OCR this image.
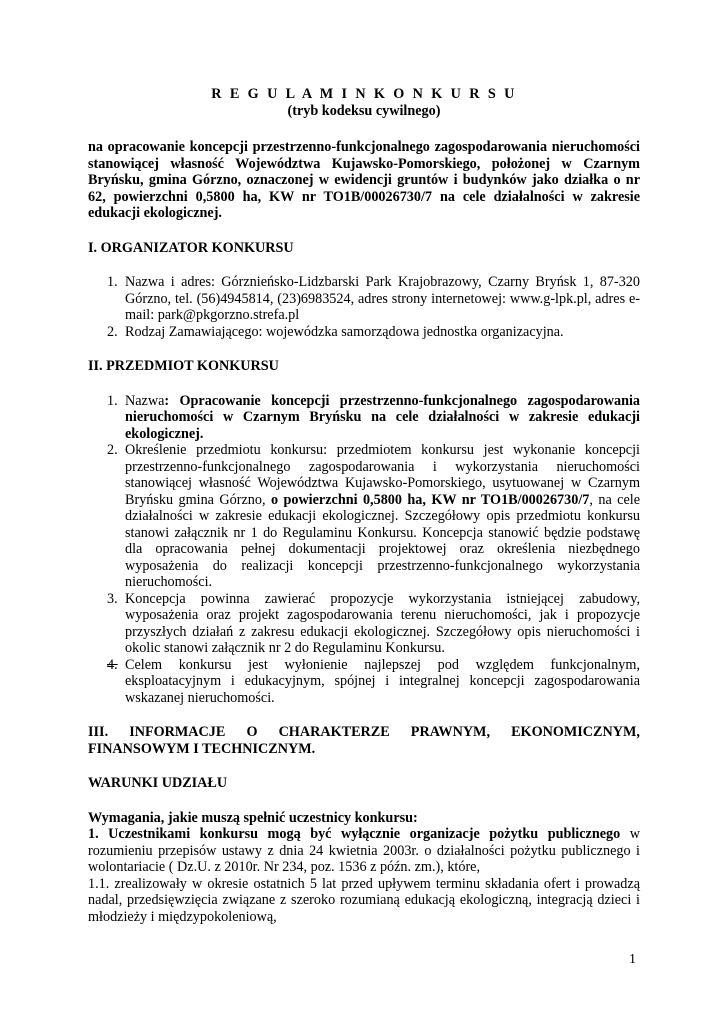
R E G U L A M I N K O N K U R S U

(tryb kodeksu cywilnego)

na opracowanie koncepcji przestrzenno-funkcjonalnego zagospodarowania nieruchomości stanowiącej własność Województwa Kujawsko-Pomorskiego, położonej w Czarnym Bryńsku, gmina Górzno, oznaczonej w ewidencji gruntów i budynków jako działka o nr 62, powierzchni 0,5800 ha, KW nr TO1B/00026730/7 na cele działalności w zakresie edukacji ekologicznej.

I. ORGANIZATOR KONKURSU

1. Nazwa i adres: Górznieńsko-Lidzbarski Park Krajobrazowy, Czarny Bryńsk 1, 87-320 Górzno, tel. (56)4945814, (23)6983524, adres strony internetowej: www.g-lpk.pl, adres e-mail: park@pkgorzno.strefa.pl
2. Rodzaj Zamawiającego: wojewódzka samorządowa jednostka organizacyjna.

II. PRZEDMIOT KONKURSU

1. Nazwa: Opracowanie koncepcji przestrzenno-funkcjonalnego zagospodarowania nieruchomości w Czarnym Bryńsku na cele działalności w zakresie edukacji ekologicznej.
2. Określenie przedmiotu konkursu: przedmiotem konkursu jest wykonanie koncepcji przestrzenno-funkcjonalnego zagospodarowania i wykorzystania nieruchomości stanowiącej własność Województwa Kujawsko-Pomorskiego, usytuowanej w Czarnym Bryńsku gmina Górzno, o powierzchni 0,5800 ha, KW nr TO1B/00026730/7, na cele działalności w zakresie edukacji ekologicznej. Szczegółowy opis przedmiotu konkursu stanowi załącznik nr 1 do Regulaminu Konkursu. Koncepcja stanowić będzie podstawę dla opracowania pełnej dokumentacji projektowej oraz określenia niezbędnego wyposażenia do realizacji koncepcji przestrzenno-funkcjonalnego wykorzystania nieruchomości.
3. Koncepcja powinna zawierać propozycje wykorzystania istniejącej zabudowy, wyposażenia oraz projekt zagospodarowania terenu nieruchomości, jak i propozycje przyszłych działań z zakresu edukacji ekologicznej. Szczegółowy opis nieruchomości i okolic stanowi załącznik nr 2 do Regulaminu Konkursu.
4. Celem konkursu jest wyłonienie najlepszej pod względem funkcjonalnym, eksploatacyjnym i edukacyjnym, spójnej i integralnej koncepcji zagospodarowania wskazanej nieruchomości.
III. INFORMACJE O CHARAKTERZE PRAWNYM, EKONOMICZNYM,
FINANSOWYM I TECHNICZNYM.

WARUNKI UDZIAŁU

Wymagania, jakie muszą spełnić uczestnicy konkursu:

1. Uczestnikami konkursu mogą być wyłącznie organizacje pożytku publicznego w rozumieniu przepisów ustawy z dnia 24 kwietnia 2003r. o działalności pożytku publicznego i wolontariacie ( Dz.U. z 2010r. Nr 234, poz. 1536 z późn. zm.), które,

1.1. zrealizowały w okresie ostatnich 5 lat przed upływem terminu składania ofert i prowadzą nadal, przedsięwzięcia związane z szeroko rozumianą edukacją ekologiczną, integracją dzieci i młodzieży i międzypokoleniową,

1
